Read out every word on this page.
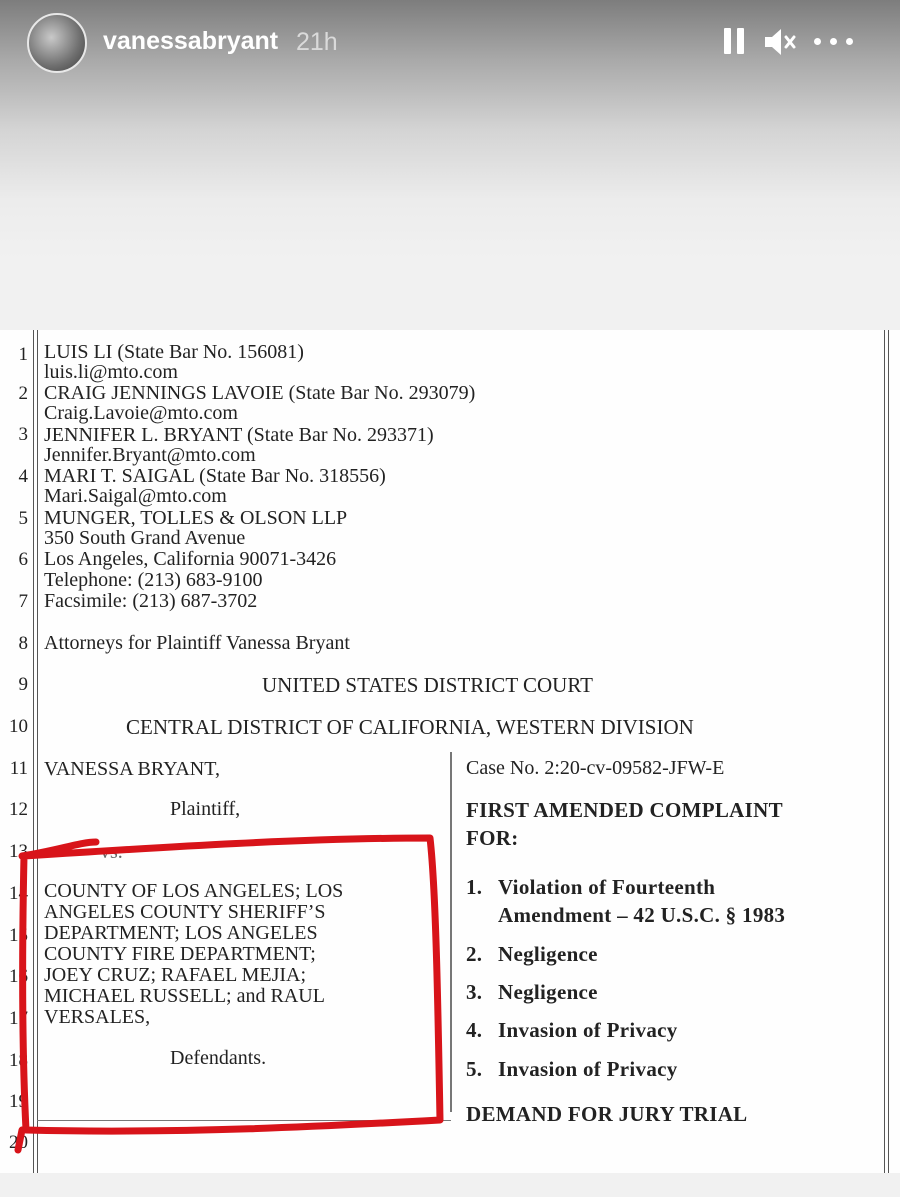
vanessabryant 21h
1
2
3
4
5
6
7
8
9
10
11
12
13
14
15
16
17
18
19
20
LUIS LI (State Bar No. 156081)
luis.li@mto.com
CRAIG JENNINGS LAVOIE (State Bar No. 293079)
Craig.Lavoie@mto.com
JENNIFER L. BRYANT (State Bar No. 293371)
Jennifer.Bryant@mto.com
MARI T. SAIGAL (State Bar No. 318556)
Mari.Saigal@mto.com
MUNGER, TOLLES & OLSON LLP
350 South Grand Avenue
Los Angeles, California 90071-3426
Telephone: (213) 683-9100
Facsimile: (213) 687-3702
Attorneys for Plaintiff Vanessa Bryant
UNITED STATES DISTRICT COURT
CENTRAL DISTRICT OF CALIFORNIA, WESTERN DIVISION
VANESSA BRYANT,
Plaintiff,
vs.
COUNTY OF LOS ANGELES; LOS
ANGELES COUNTY SHERIFF’S
DEPARTMENT; LOS ANGELES
COUNTY FIRE DEPARTMENT;
JOEY CRUZ; RAFAEL MEJIA;
MICHAEL RUSSELL; and RAUL
VERSALES,
Defendants.
Case No. 2:20-cv-09582-JFW-E
FIRST AMENDED COMPLAINT
FOR:
1. Violation of Fourteenth
Amendment – 42 U.S.C. § 1983
2. Negligence
3. Negligence
4. Invasion of Privacy
5. Invasion of Privacy
DEMAND FOR JURY TRIAL
